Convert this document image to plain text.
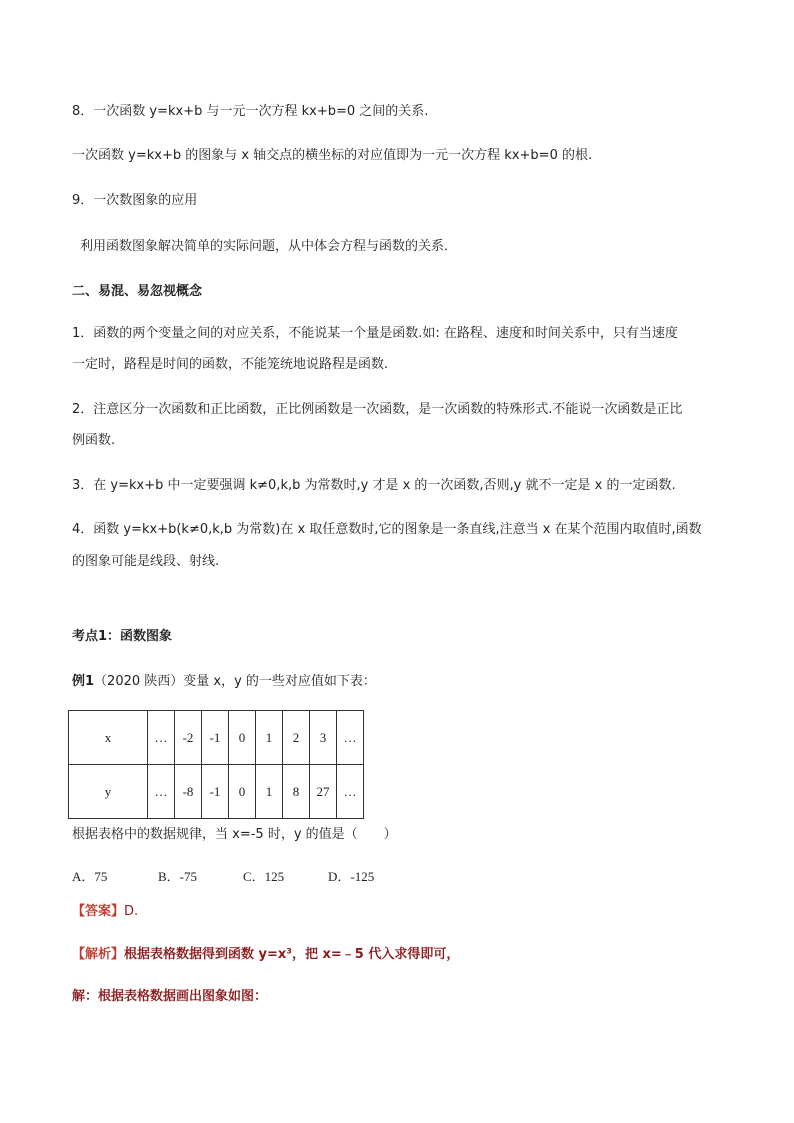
8．一次函数 y=kx+b 与一元一次方程 kx+b=0 之间的关系.
一次函数 y=kx+b 的图象与 x 轴交点的横坐标的对应值即为一元一次方程 kx+b=0 的根.
9．一次数图象的应用
利用函数图象解决简单的实际问题，从中体会方程与函数的关系．
二、易混、易忽视概念
1．函数的两个变量之间的对应关系，不能说某一个量是函数.如: 在路程、速度和时间关系中，只有当速度
一定时，路程是时间的函数，不能笼统地说路程是函数.
2．注意区分一次函数和正比函数，正比例函数是一次函数，是一次函数的特殊形式.不能说一次函数是正比
例函数.
3．在 y=kx+b 中一定要强调 k≠0,k,b 为常数时,y 才是 x 的一次函数,否则,y 就不一定是 x 的一定函数.
4．函数 y=kx+b(k≠0,k,b 为常数)在 x 取任意数时,它的图象是一条直线,注意当 x 在某个范围内取值时,函数
的图象可能是线段、射线.
考点1：函数图象
例1（2020 陕西）变量 x，y 的一些对应值如下表：
x	…	-2	-1	0	1	2	3	…
y	…	-8	-1	0	1	8	27	…
根据表格中的数据规律，当 x=-5 时，y 的值是（　　）
A．75	B．-75	C．125	D．-125
【答案】D.
【解析】根据表格数据得到函数 y=x³，把 x=﹣5 代入求得即可，
解：根据表格数据画出图象如图：
